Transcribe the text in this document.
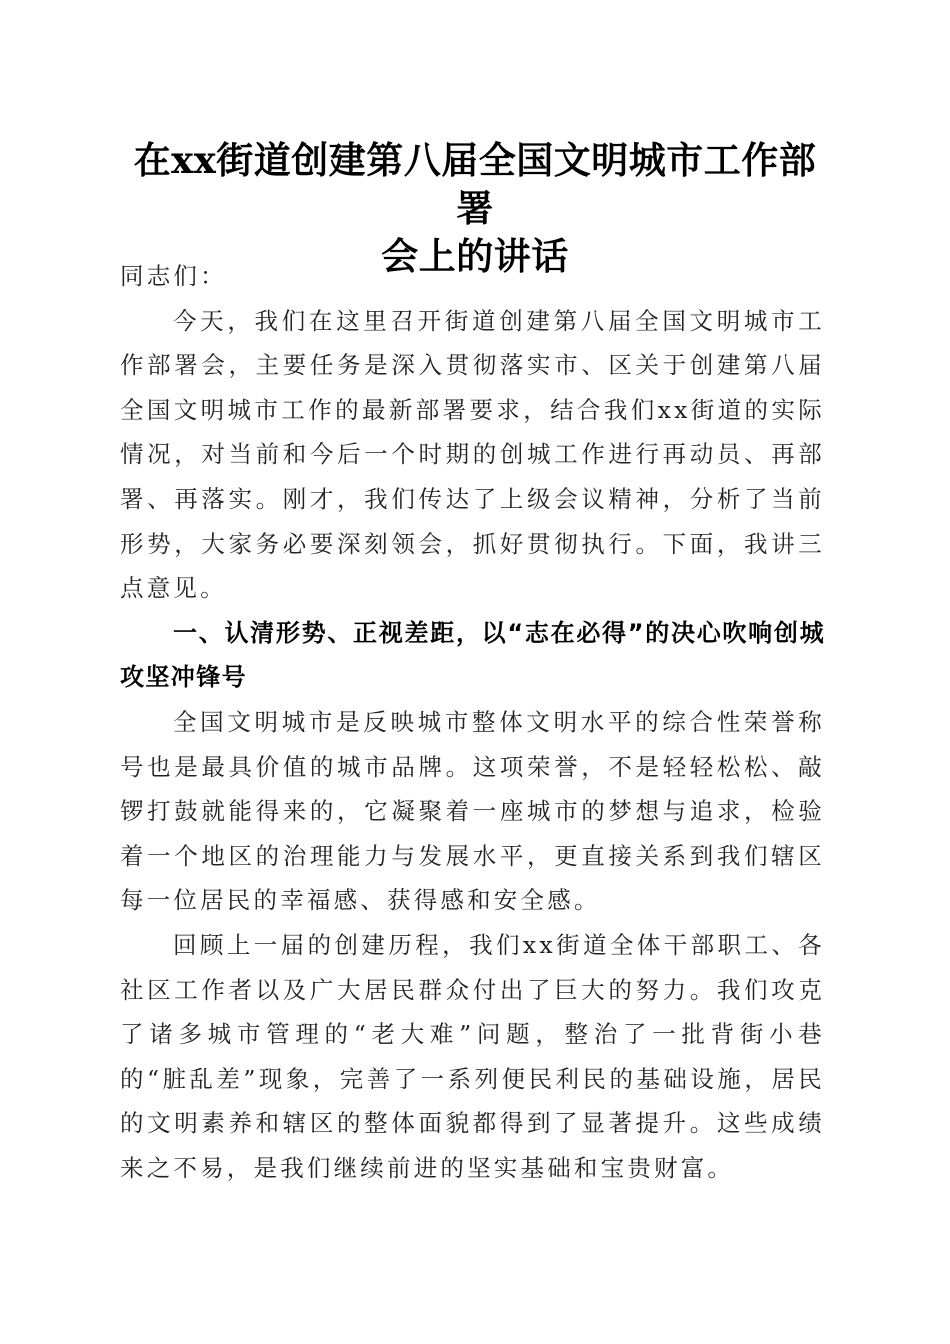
在xx街道创建第八届全国文明城市工作部署
会上的讲话

同志们：

今天，我们在这里召开街道创建第八届全国文明城市工作部署会，主要任务是深入贯彻落实市、区关于创建第八届全国文明城市工作的最新部署要求，结合我们xx街道的实际情况，对当前和今后一个时期的创城工作进行再动员、再部署、再落实。刚才，我们传达了上级会议精神，分析了当前形势，大家务必要深刻领会，抓好贯彻执行。下面，我讲三点意见。

一、认清形势、正视差距，以“志在必得”的决心吹响创城攻坚冲锋号

全国文明城市是反映城市整体文明水平的综合性荣誉称号也是最具价值的城市品牌。这项荣誉，不是轻轻松松、敲锣打鼓就能得来的，它凝聚着一座城市的梦想与追求，检验着一个地区的治理能力与发展水平，更直接关系到我们辖区每一位居民的幸福感、获得感和安全感。

回顾上一届的创建历程，我们xx街道全体干部职工、各社区工作者以及广大居民群众付出了巨大的努力。我们攻克了诸多城市管理的“老大难”问题，整治了一批背街小巷的“脏乱差”现象，完善了一系列便民利民的基础设施，居民的文明素养和辖区的整体面貌都得到了显著提升。这些成绩来之不易，是我们继续前进的坚实基础和宝贵财富。
